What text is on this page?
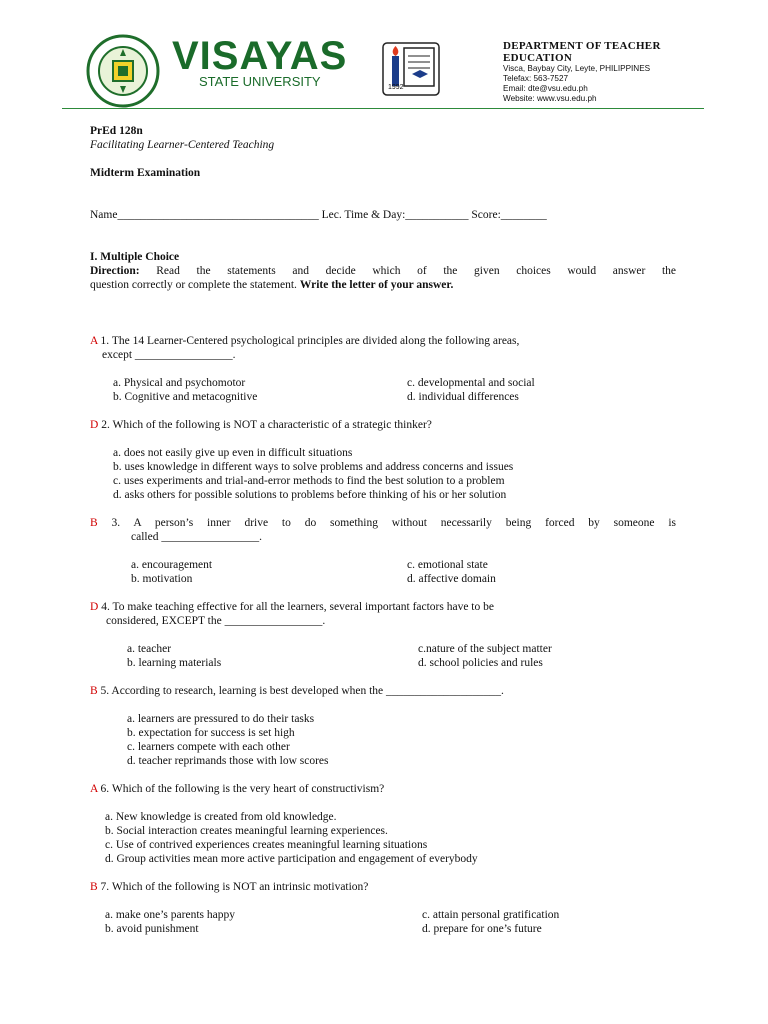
VISAYAS
STATE UNIVERSITY	1992
DEPARTMENT OF TEACHER
EDUCATION
Visca, Baybay City, Leyte, PHILIPPINES
Telefax: 563-7527
Email: dte@vsu.edu.ph
Website: www.vsu.edu.ph
PrEd 128n
Facilitating Learner-Centered Teaching
Midterm Examination
Name___________________________________ Lec. Time & Day:___________ Score:________
I. Multiple Choice
Direction: Read the statements and decide which of the given choices would answer the
question correctly or complete the statement. Write the letter of your answer.
A 1. The 14 Learner-Centered psychological principles are divided along the following areas,
except _________________.
a. Physical and psychomotor
b. Cognitive and metacognitive
c. developmental and social
d. individual differences
D 2. Which of the following is NOT a characteristic of a strategic thinker?
a. does not easily give up even in difficult situations
b. uses knowledge in different ways to solve problems and address concerns and issues
c. uses experiments and trial-and-error methods to find the best solution to a problem
d. asks others for possible solutions to problems before thinking of his or her solution
B 3. A person’s inner drive to do something without necessarily being forced by someone is
called _________________.
a. encouragement
b. motivation
c. emotional state
d. affective domain
D 4. To make teaching effective for all the learners, several important factors have to be
considered, EXCEPT the _________________.
a. teacher
b. learning materials
c.nature of the subject matter
d. school policies and rules
B 5. According to research, learning is best developed when the ____________________.
a. learners are pressured to do their tasks
b. expectation for success is set high
c. learners compete with each other
d. teacher reprimands those with low scores
A 6. Which of the following is the very heart of constructivism?
a. New knowledge is created from old knowledge.
b. Social interaction creates meaningful learning experiences.
c. Use of contrived experiences creates meaningful learning situations
d. Group activities mean more active participation and engagement of everybody
B 7. Which of the following is NOT an intrinsic motivation?
a. make one’s parents happy
b. avoid punishment
c. attain personal gratification
d. prepare for one’s future
